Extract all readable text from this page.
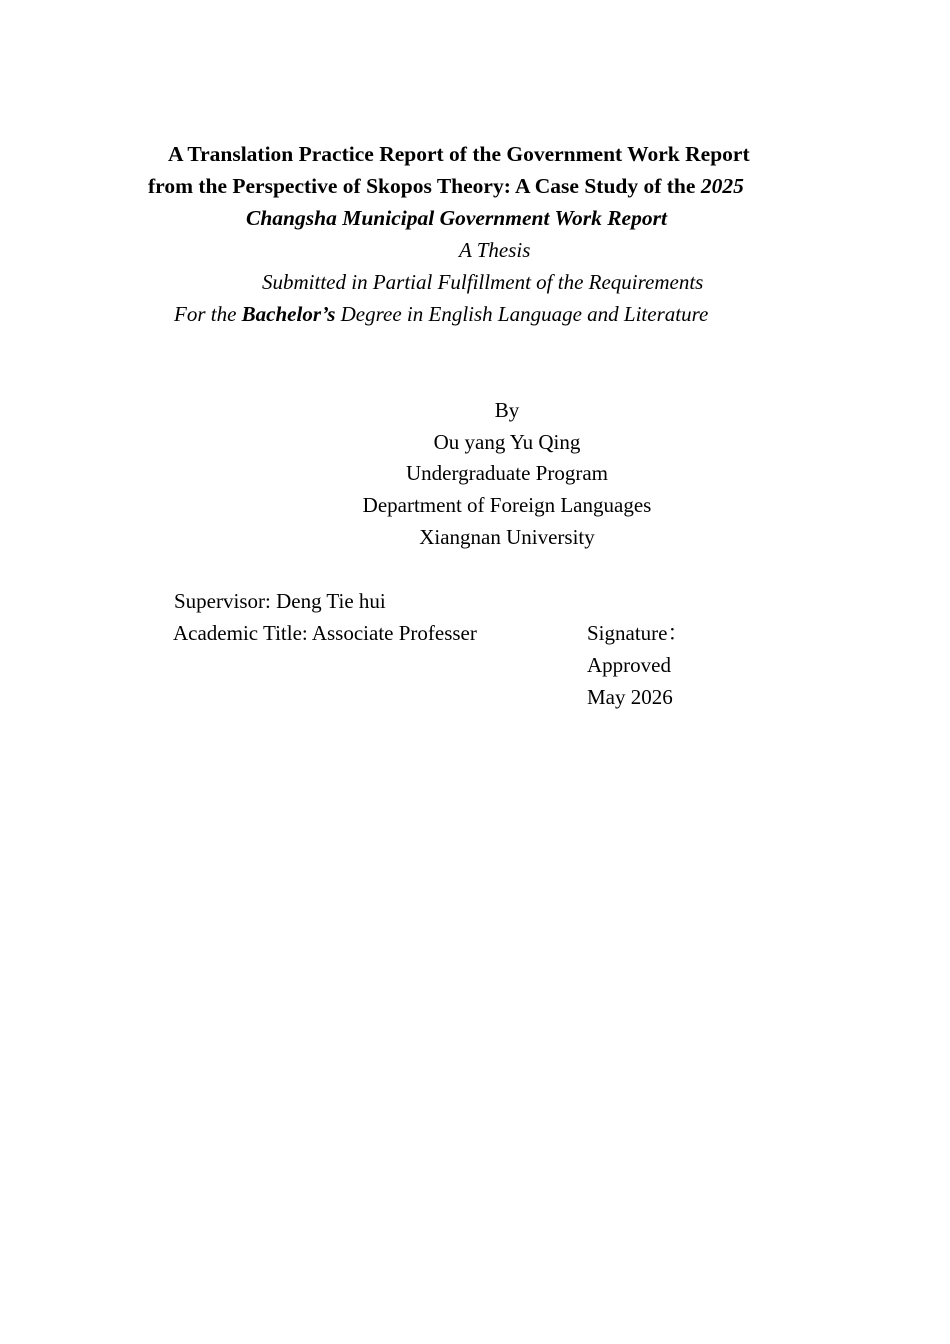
A Translation Practice Report of the Government Work Report
from the Perspective of Skopos Theory: A Case Study of the 2025
Changsha Municipal Government Work Report
A Thesis
Submitted in Partial Fulfillment of the Requirements
For the Bachelor’s Degree in English Language and Literature
By
Ou yang Yu Qing
Undergraduate Program
Department of Foreign Languages
Xiangnan University
Supervisor: Deng Tie hui
Academic Title: Associate Professer	Signature：
Approved
May 2026
